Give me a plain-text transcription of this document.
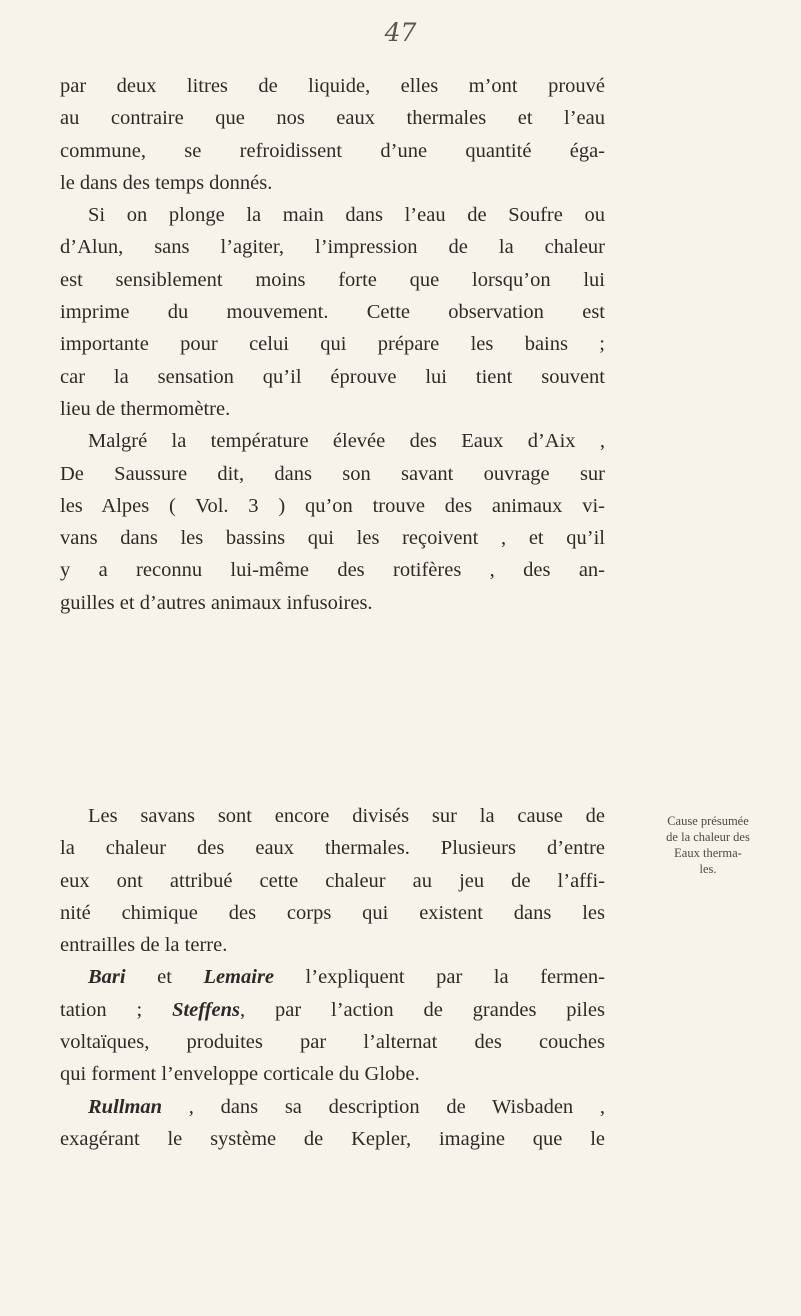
47

par deux litres de liquide, elles m’ont prouvé
au contraire que nos eaux thermales et l’eau
commune, se refroidissent d’une quantité éga-
le dans des temps donnés.

Si on plonge la main dans l’eau de Soufre ou
d’Alun, sans l’agiter, l’impression de la chaleur
est sensiblement moins forte que lorsqu’on lui
imprime du mouvement. Cette observation est
importante pour celui qui prépare les bains ;
car la sensation qu’il éprouve lui tient souvent
lieu de thermomètre.

Malgré la température élevée des Eaux d’Aix ,
De Saussure dit, dans son savant ouvrage sur
les Alpes ( Vol. 3 ) qu’on trouve des animaux vi-
vans dans les bassins qui les reçoivent , et qu’il
y a reconnu lui-même des rotifères , des an-
guilles et d’autres animaux infusoires.

Les savans sont encore divisés sur la cause de
la chaleur des eaux thermales. Plusieurs d’entre
eux ont attribué cette chaleur au jeu de l’affi-
nité chimique des corps qui existent dans les
entrailles de la terre.

Bari et Lemaire l’expliquent par la fermen-
tation ; Steffens, par l’action de grandes piles
voltaïques, produites par l’alternat des couches
qui forment l’enveloppe corticale du Globe.

Rullman , dans sa description de Wisbaden ,
exagérant le système de Kepler, imagine que le

Cause présumée
de la chaleur des
Eaux therma-
les.
